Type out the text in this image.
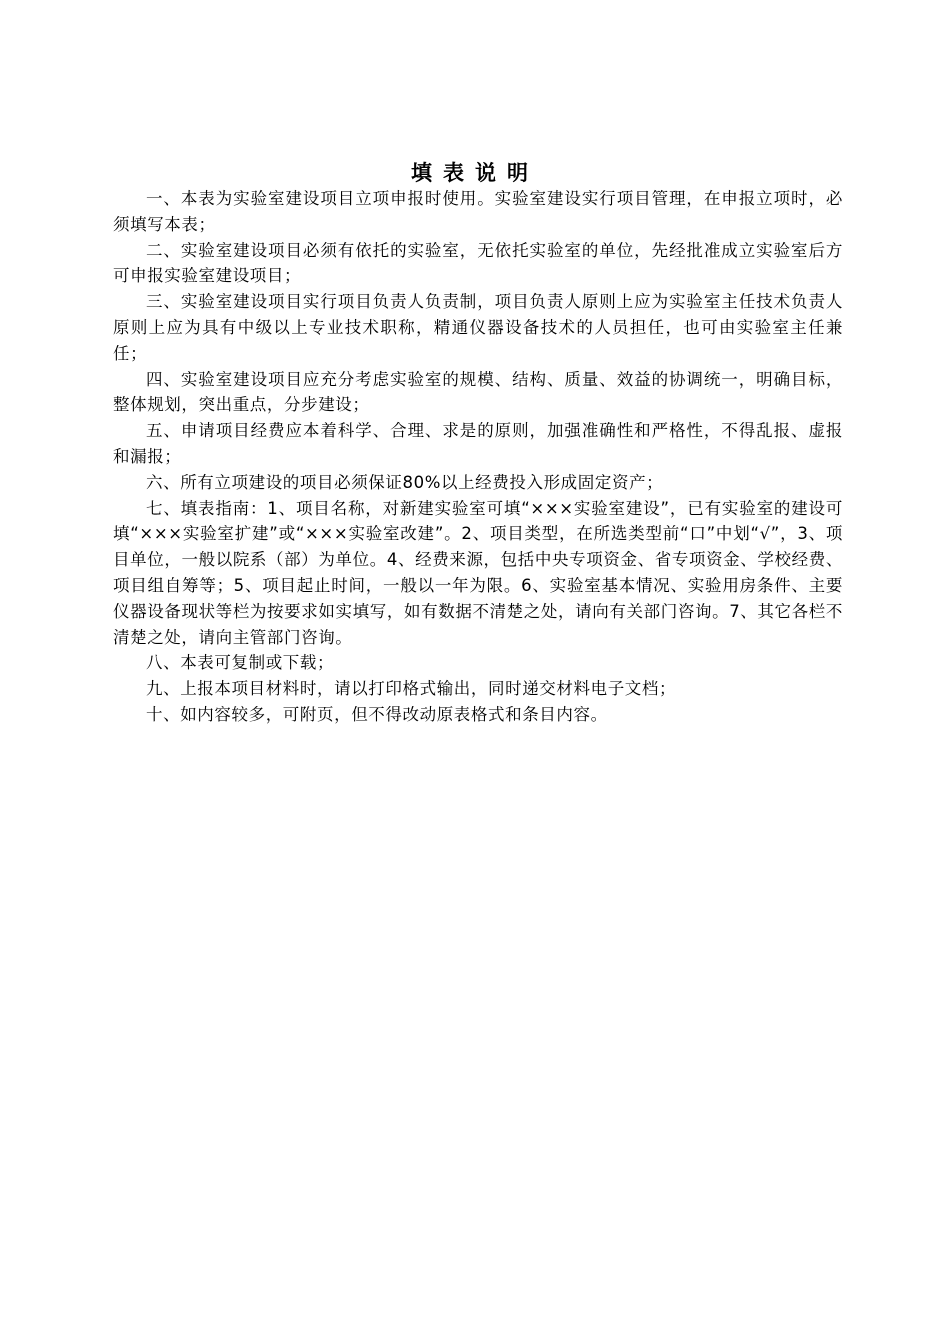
填表说明

一、本表为实验室建设项目立项申报时使用。实验室建设实行项目管理，在申报立项时，必须填写本表；

二、实验室建设项目必须有依托的实验室，无依托实验室的单位，先经批准成立实验室后方可申报实验室建设项目；

三、实验室建设项目实行项目负责人负责制，项目负责人原则上应为实验室主任技术负责人原则上应为具有中级以上专业技术职称，精通仪器设备技术的人员担任，也可由实验室主任兼任；

四、实验室建设项目应充分考虑实验室的规模、结构、质量、效益的协调统一，明确目标，整体规划，突出重点，分步建设；

五、申请项目经费应本着科学、合理、求是的原则，加强准确性和严格性，不得乱报、虚报和漏报；

六、所有立项建设的项目必须保证80%以上经费投入形成固定资产；

七、填表指南：1、项目名称，对新建实验室可填“×××实验室建设”，已有实验室的建设可填“×××实验室扩建”或“×××实验室改建”。2、项目类型，在所选类型前“口”中划“√”，3、项目单位，一般以院系（部）为单位。4、经费来源，包括中央专项资金、省专项资金、学校经费、项目组自筹等；5、项目起止时间，一般以一年为限。6、实验室基本情况、实验用房条件、主要仪器设备现状等栏为按要求如实填写，如有数据不清楚之处，请向有关部门咨询。7、其它各栏不清楚之处，请向主管部门咨询。

八、本表可复制或下载；

九、上报本项目材料时，请以打印格式输出，同时递交材料电子文档；

十、如内容较多，可附页，但不得改动原表格式和条目内容。
